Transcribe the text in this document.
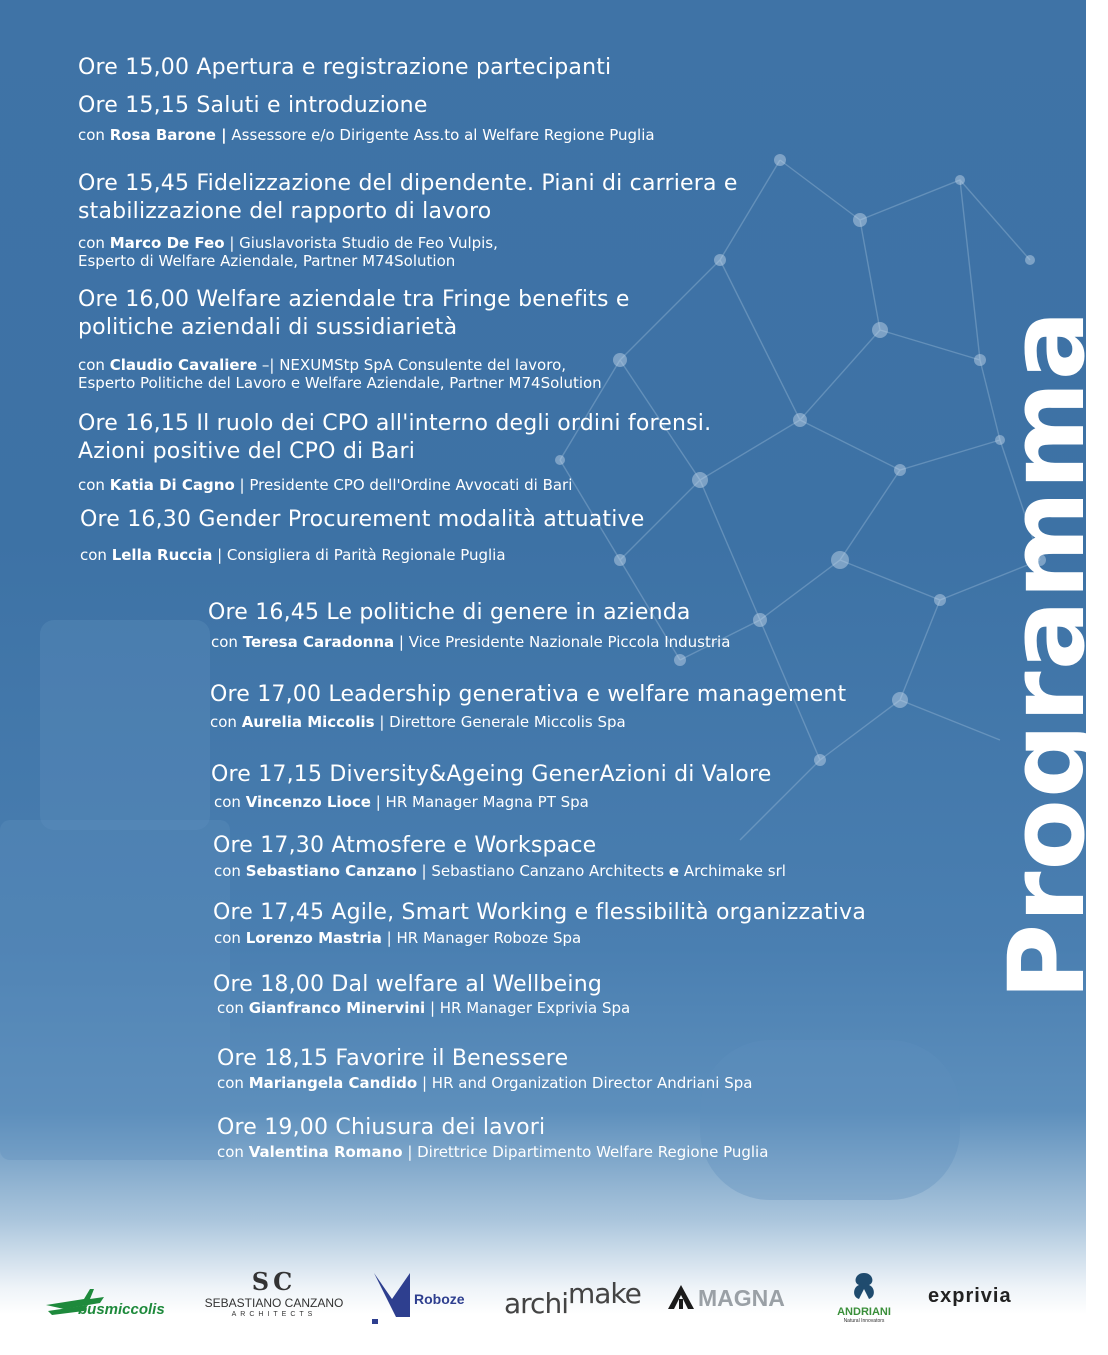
Ore 15,00 Apertura e registrazione partecipanti
Ore 15,15 Saluti e introduzione
con Rosa Barone | Assessore e/o Dirigente Ass.to al Welfare Regione Puglia
Ore 15,45 Fidelizzazione del dipendente. Piani di carriera e
stabilizzazione del rapporto di lavoro
con Marco De Feo | Giuslavorista Studio de Feo Vulpis,
Esperto di Welfare Aziendale, Partner M74Solution
Ore 16,00 Welfare aziendale tra Fringe benefits e
politiche aziendali di sussidiarietà
con Claudio Cavaliere –| NEXUMStp SpA Consulente del lavoro,
Esperto Politiche del Lavoro e Welfare Aziendale, Partner M74Solution
Ore 16,15 Il ruolo dei CPO all'interno degli ordini forensi.
Azioni positive del CPO di Bari
con Katia Di Cagno | Presidente CPO dell'Ordine Avvocati di Bari
Ore 16,30 Gender Procurement modalità attuative
con Lella Ruccia | Consigliera di Parità Regionale Puglia
Ore 16,45 Le politiche di genere in azienda
con Teresa Caradonna | Vice Presidente Nazionale Piccola Industria
Ore 17,00 Leadership generativa e welfare management
con Aurelia Miccolis | Direttore Generale Miccolis Spa
Ore 17,15 Diversity&Ageing GenerAzioni di Valore
con Vincenzo Lioce | HR Manager Magna PT Spa
Ore 17,30 Atmosfere e Workspace
con Sebastiano Canzano | Sebastiano Canzano Architects e Archimake srl
Ore 17,45 Agile, Smart Working e flessibilità organizzativa
con Lorenzo Mastria | HR Manager Roboze Spa
Ore 18,00 Dal welfare al Wellbeing
con Gianfranco Minervini | HR Manager Exprivia Spa
Ore 18,15 Favorire il Benessere
con Mariangela Candido | HR and Organization Director Andriani Spa
Ore 19,00 Chiusura dei lavori
con Valentina Romano | Direttrice Dipartimento Welfare Regione Puglia
Programma
busmiccolis
SC
SEBASTIANO CANZANO
ARCHITECTS
Roboze archimake MAGNA
ANDRIANI
Natural Innovators
exprivia
